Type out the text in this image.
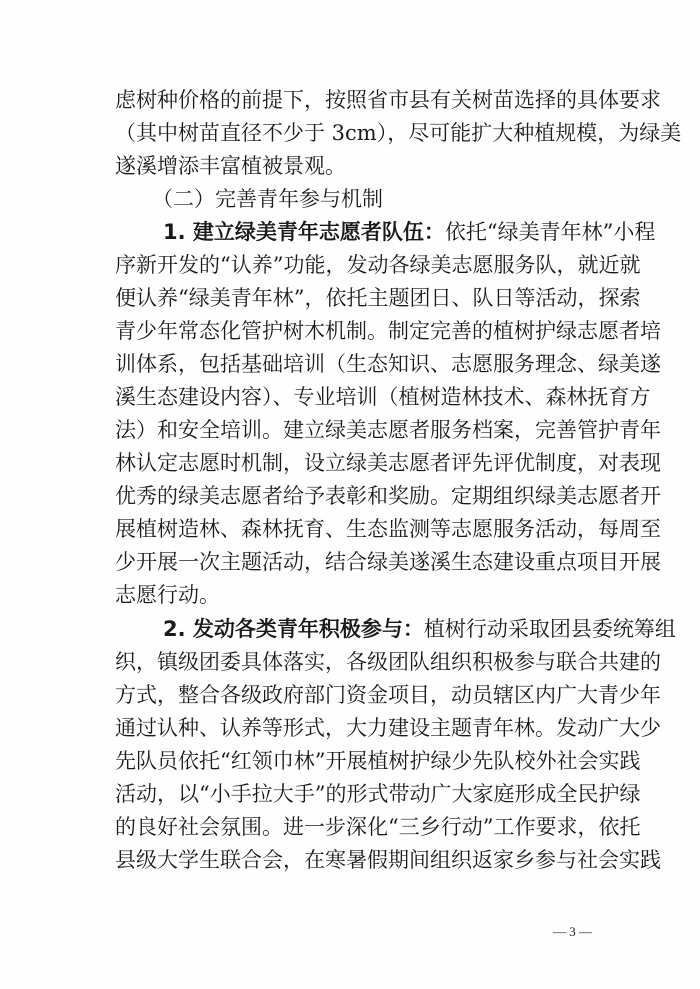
虑树种价格的前提下，按照省市县有关树苗选择的具体要求
（其中树苗直径不少于 3cm），尽可能扩大种植规模，为绿美
遂溪增添丰富植被景观。
（二）完善青年参与机制
1. 建立绿美青年志愿者队伍：依托“绿美青年林”小程
序新开发的“认养”功能，发动各绿美志愿服务队，就近就
便认养“绿美青年林”，依托主题团日、队日等活动，探索
青少年常态化管护树木机制。制定完善的植树护绿志愿者培
训体系，包括基础培训（生态知识、志愿服务理念、绿美遂
溪生态建设内容）、专业培训（植树造林技术、森林抚育方
法）和安全培训。建立绿美志愿者服务档案，完善管护青年
林认定志愿时机制，设立绿美志愿者评先评优制度，对表现
优秀的绿美志愿者给予表彰和奖励。定期组织绿美志愿者开
展植树造林、森林抚育、生态监测等志愿服务活动，每周至
少开展一次主题活动，结合绿美遂溪生态建设重点项目开展
志愿行动。
2. 发动各类青年积极参与：植树行动采取团县委统筹组
织，镇级团委具体落实，各级团队组织积极参与联合共建的
方式，整合各级政府部门资金项目，动员辖区内广大青少年
通过认种、认养等形式，大力建设主题青年林。发动广大少
先队员依托“红领巾林”开展植树护绿少先队校外社会实践
活动，以“小手拉大手”的形式带动广大家庭形成全民护绿
的良好社会氛围。进一步深化“三乡行动”工作要求，依托
县级大学生联合会，在寒暑假期间组织返家乡参与社会实践
— 3 —
